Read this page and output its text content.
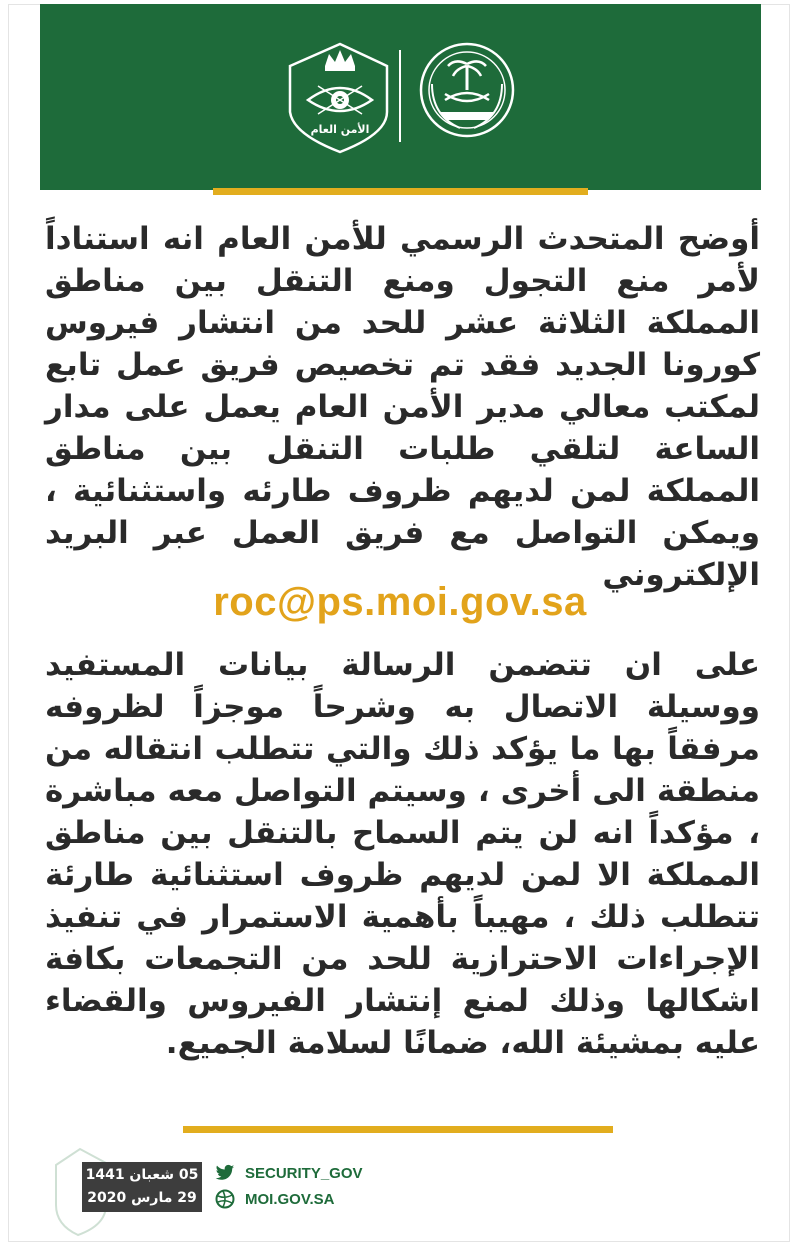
الأمن العام
أوضح المتحدث الرسمي للأمن العام انه استناداً لأمر منع التجول ومنع التنقل بين مناطق المملكة الثلاثة عشر للحد من انتشار فيروس كورونا الجديد فقد تم تخصيص فريق عمل تابع لمكتب معالي مدير الأمن العام يعمل على مدار الساعة لتلقي طلبات التنقل بين مناطق المملكة لمن لديهم ظروف طارئه واستثنائية ، ويمكن التواصل مع فريق العمل عبر البريد الإلكتروني
roc@ps.moi.gov.sa
على ان تتضمن الرسالة بيانات المستفيد ووسيلة الاتصال به وشرحاً موجزاً لظروفه مرفقاً بها ما يؤكد ذلك والتي تتطلب انتقاله من منطقة الى أخرى ، وسيتم التواصل معه مباشرة ، مؤكداً انه لن يتم السماح بالتنقل بين مناطق المملكة الا لمن لديهم ظروف استثنائية طارئة تتطلب ذلك ، مهيباً بأهمية الاستمرار في تنفيذ الإجراءات الاحترازية للحد من التجمعات بكافة اشكالها وذلك لمنع إنتشار الفيروس والقضاء عليه بمشيئة الله، ضمانًا لسلامة الجميع.
05 شعبان 1441
29 مارس 2020
SECURITY_GOV
MOI.GOV.SA
